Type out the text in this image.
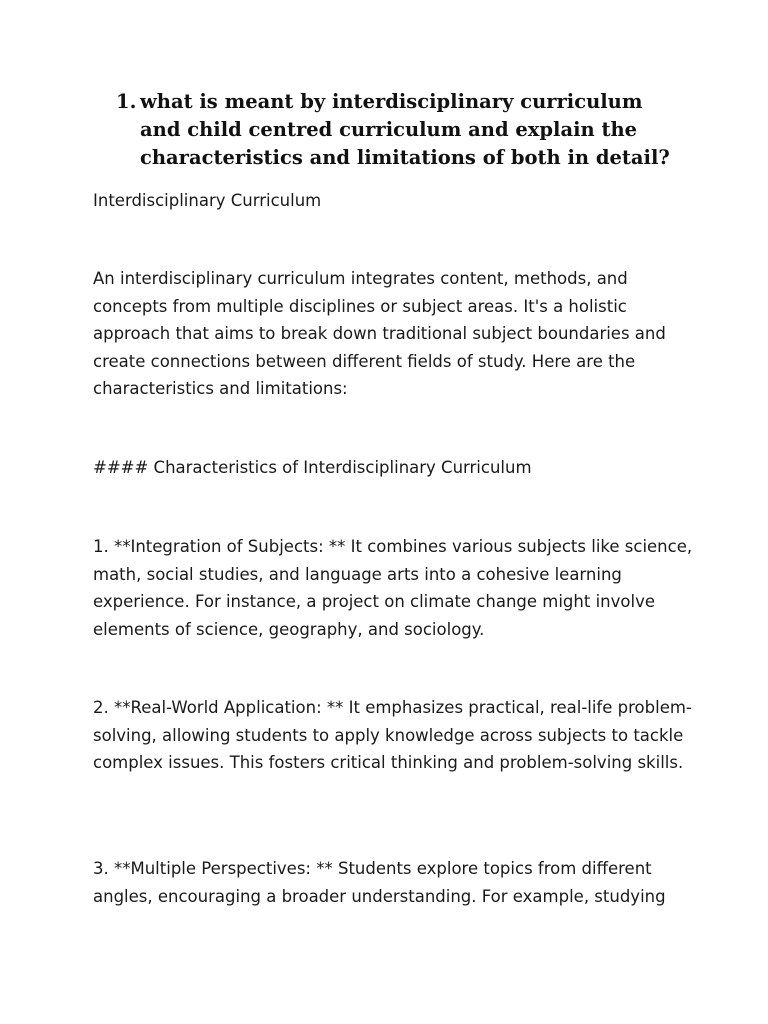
1. what is meant by interdisciplinary curriculum and child centred curriculum and explain the characteristics and limitations of both in detail?

Interdisciplinary Curriculum

An interdisciplinary curriculum integrates content, methods, and concepts from multiple disciplines or subject areas. It's a holistic approach that aims to break down traditional subject boundaries and create connections between different fields of study. Here are the characteristics and limitations:

#### Characteristics of Interdisciplinary Curriculum

1. **Integration of Subjects: ** It combines various subjects like science, math, social studies, and language arts into a cohesive learning experience. For instance, a project on climate change might involve elements of science, geography, and sociology.

2. **Real-World Application: ** It emphasizes practical, real-life problem-solving, allowing students to apply knowledge across subjects to tackle complex issues. This fosters critical thinking and problem-solving skills.

3. **Multiple Perspectives: ** Students explore topics from different angles, encouraging a broader understanding. For example, studying
